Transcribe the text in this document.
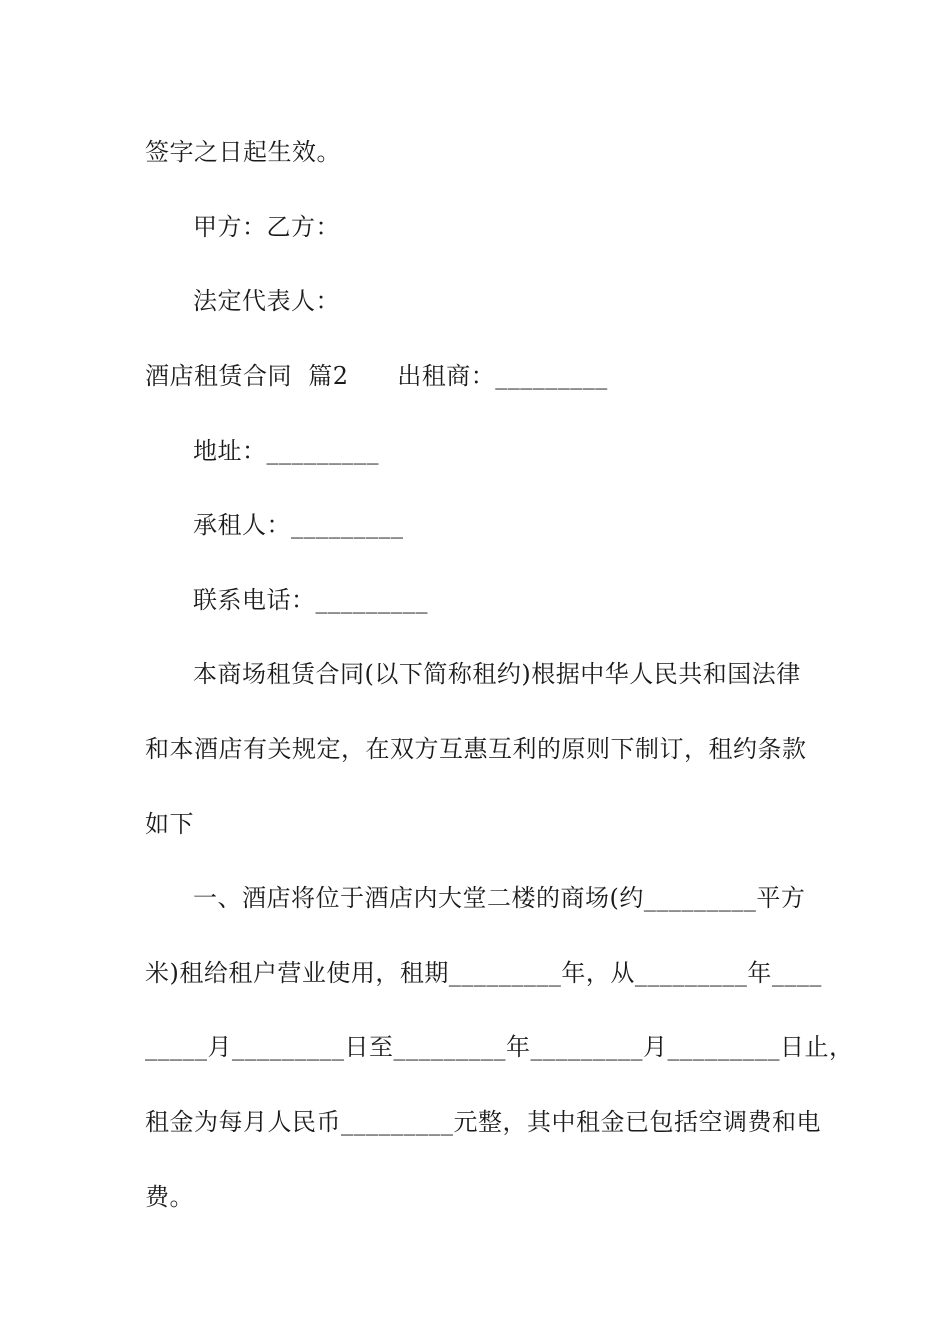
签字之日起生效。
甲方：乙方：
法定代表人：
酒店租赁合同  篇2      出租商：_________
地址：_________
承租人：_________
联系电话：_________
本商场租赁合同(以下简称租约)根据中华人民共和国法律
和本酒店有关规定，在双方互惠互利的原则下制订，租约条款
如下
一、酒店将位于酒店内大堂二楼的商场(约_________平方
米)租给租户营业使用，租期_________年，从_________年____
_____月_________日至_________年_________月_________日止，
租金为每月人民币_________元整，其中租金已包括空调费和电
费。
